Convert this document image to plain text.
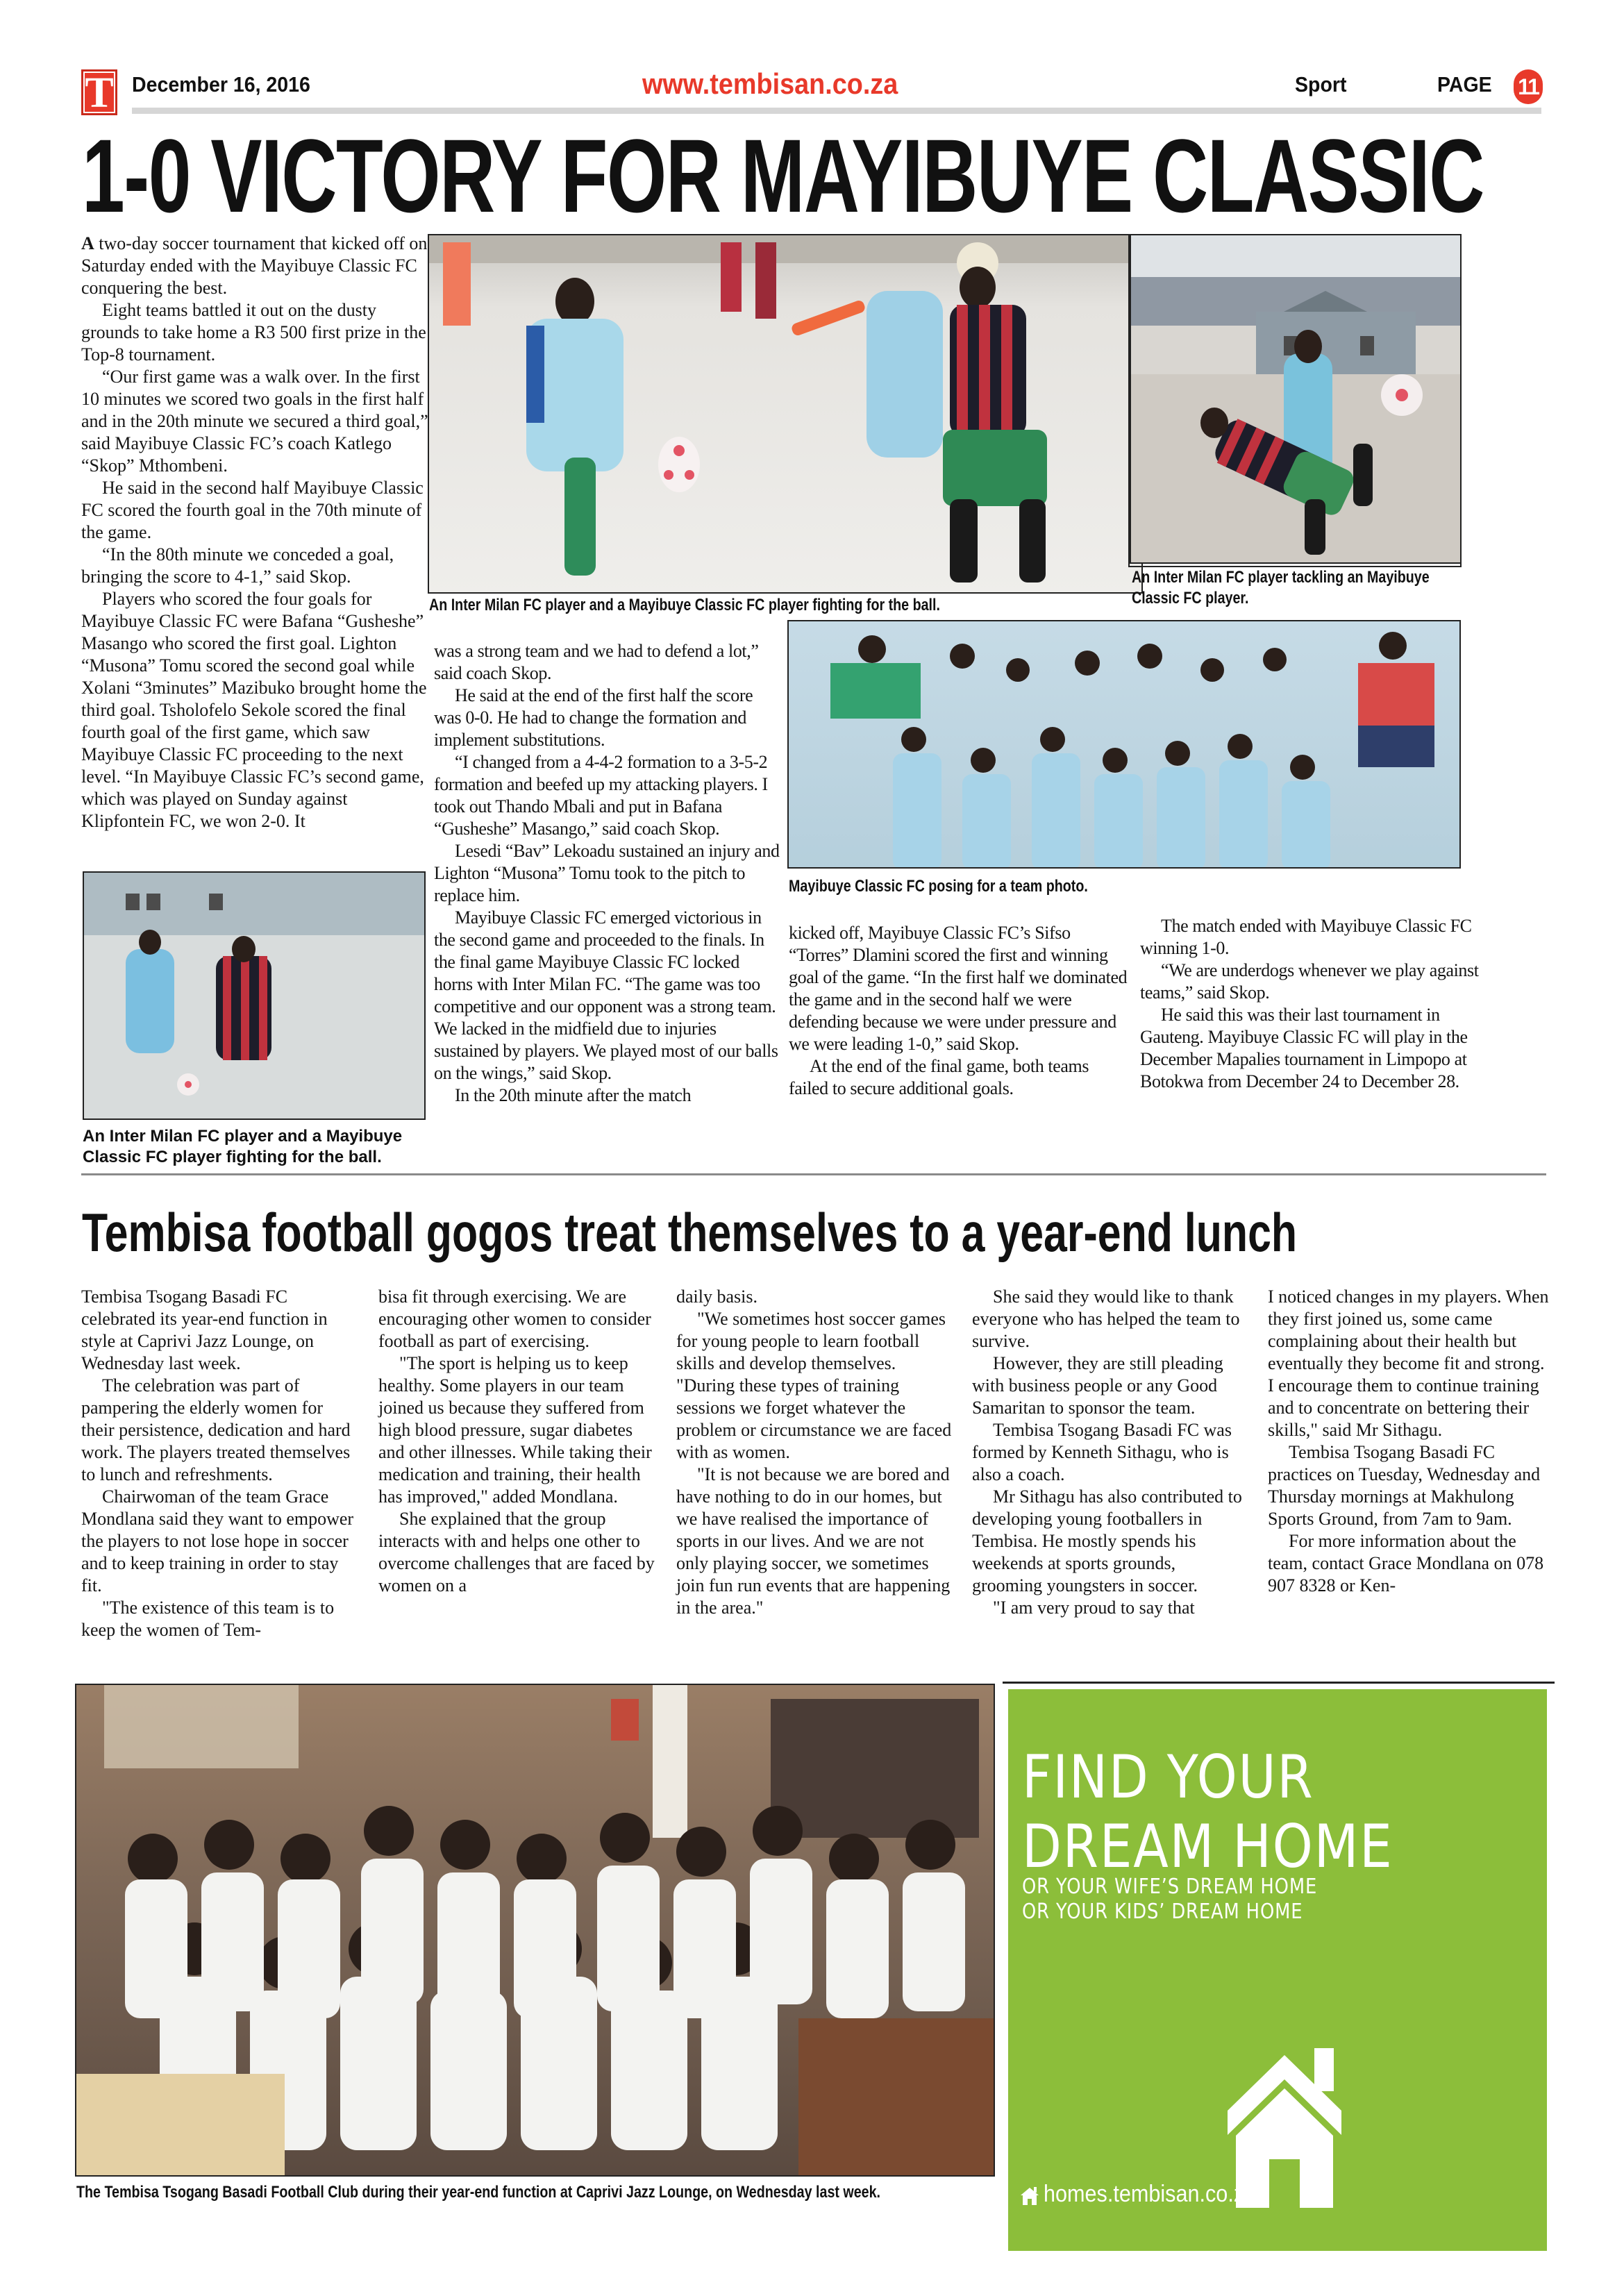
T December 16, 2016	www.tembisan.co.za	Sport	PAGE 11
1-0 VICTORY FOR MAYIBUYE CLASSIC

A two-day soccer tournament that kicked off on Saturday ended with the Mayibuye Classic FC conquering the best.

Eight teams battled it out on the dusty grounds to take home a R3 500 first prize in the Top-8 tournament.

“Our first game was a walk over. In the first 10 minutes we scored two goals in the first half and in the 20th minute we secured a third goal,” said Mayibuye Classic FC’s coach Katlego “Skop” Mthombeni.

He said in the second half Mayibuye Classic FC scored the fourth goal in the 70th minute of the game.

“In the 80th minute we conceded a goal, bringing the score to 4-1,” said Skop.

Players who scored the four goals for Mayibuye Classic FC were Bafana “Gusheshe” Masango who scored the first goal. Lighton “Musona” Tomu scored the second goal while Xolani “3minutes” Mazibuko brought home the third goal. Tsholofelo Sekole scored the final fourth goal of the first game, which saw Mayibuye Classic FC proceeding to the next level. “In Mayibuye Classic FC’s second game, which was played on Sunday against Klipfontein FC, we won 2-0. It

An Inter Milan FC player and a Mayibuye Classic FC player fighting for the ball.
An Inter Milan FC player tackling an Mayibuye Classic FC player.

was a strong team and we had to defend a lot,” said coach Skop.

He said at the end of the first half the score was 0-0. He had to change the formation and implement substitutions.

“I changed from a 4-4-2 formation to a 3-5-2 formation and beefed up my attacking players. I took out Thando Mbali and put in Bafana “Gusheshe” Masango,” said coach Skop.

Lesedi “Bav” Lekoadu sustained an injury and Lighton “Musona” Tomu took to the pitch to replace him.

Mayibuye Classic FC emerged victorious in the second game and proceeded to the finals. In the final game Mayibuye Classic FC locked horns with Inter Milan FC. “The game was too competitive and our opponent was a strong team. We lacked in the midfield due to injuries sustained by players. We played most of our balls on the wings,” said Skop.

In the 20th minute after the match

Mayibuye Classic FC posing for a team photo.

kicked off, Mayibuye Classic FC’s Sifso “Torres” Dlamini scored the first and winning goal of the game. “In the first half we dominated the game and in the second half we were defending because we were under pressure and we were leading 1-0,” said Skop.

At the end of the final game, both teams failed to secure additional goals.

The match ended with Mayibuye Classic FC winning 1-0.

“We are underdogs whenever we play against teams,” said Skop.

He said this was their last tournament in Gauteng. Mayibuye Classic FC will play in the December Mapalies tournament in Limpopo at Botokwa from December 24 to December 28.

An Inter Milan FC player and a Mayibuye Classic FC player fighting for the ball.
Tembisa football gogos treat themselves to a year-end lunch

Tembisa Tsogang Basadi FC celebrated its year-end function in style at Caprivi Jazz Lounge, on Wednesday last week.

The celebration was part of pampering the elderly women for their persistence, dedication and hard work. The players treated themselves to lunch and refreshments.

Chairwoman of the team Grace Mondlana said they want to empower the players to not lose hope in soccer and to keep training in order to stay fit.

"The existence of this team is to keep the women of Tem-

bisa fit through exercising. We are encouraging other women to consider football as part of exercising.

"The sport is helping us to keep healthy. Some players in our team joined us because they suffered from high blood pressure, sugar diabetes and other illnesses. While taking their medication and training, their health has improved," added Mondlana.

She explained that the group interacts with and helps one other to overcome challenges that are faced by women on a

daily basis.

"We sometimes host soccer games for young people to learn football skills and develop themselves. "During these types of training sessions we forget whatever the problem or circumstance we are faced with as women.

"It is not because we are bored and have nothing to do in our homes, but we have realised the importance of sports in our lives. And we are not only playing soccer, we sometimes join fun run events that are happening in the area."

She said they would like to thank everyone who has helped the team to survive.

However, they are still pleading with business people or any Good Samaritan to sponsor the team.

Tembisa Tsogang Basadi FC was formed by Kenneth Sithagu, who is also a coach.

Mr Sithagu has also contributed to developing young footballers in Tembisa. He mostly spends his weekends at sports grounds, grooming youngsters in soccer.

"I am very proud to say that

I noticed changes in my players. When they first joined us, some came complaining about their health but eventually they become fit and strong. I encourage them to continue training and to concentrate on bettering their skills," said Mr Sithagu.

Tembisa Tsogang Basadi FC practices on Tuesday, Wednesday and Thursday mornings at Makhulong Sports Ground, from 7am to 9am.

For more information about the team, contact Grace Mondlana on 078 907 8328 or Ken-

The Tembisa Tsogang Basadi Football Club during their year-end function at Caprivi Jazz Lounge, on Wednesday last week.
FIND YOUR
DREAM HOME
OR YOUR WIFE’S DREAM HOME
OR YOUR KIDS’ DREAM HOME
homes.tembisan.co.za
